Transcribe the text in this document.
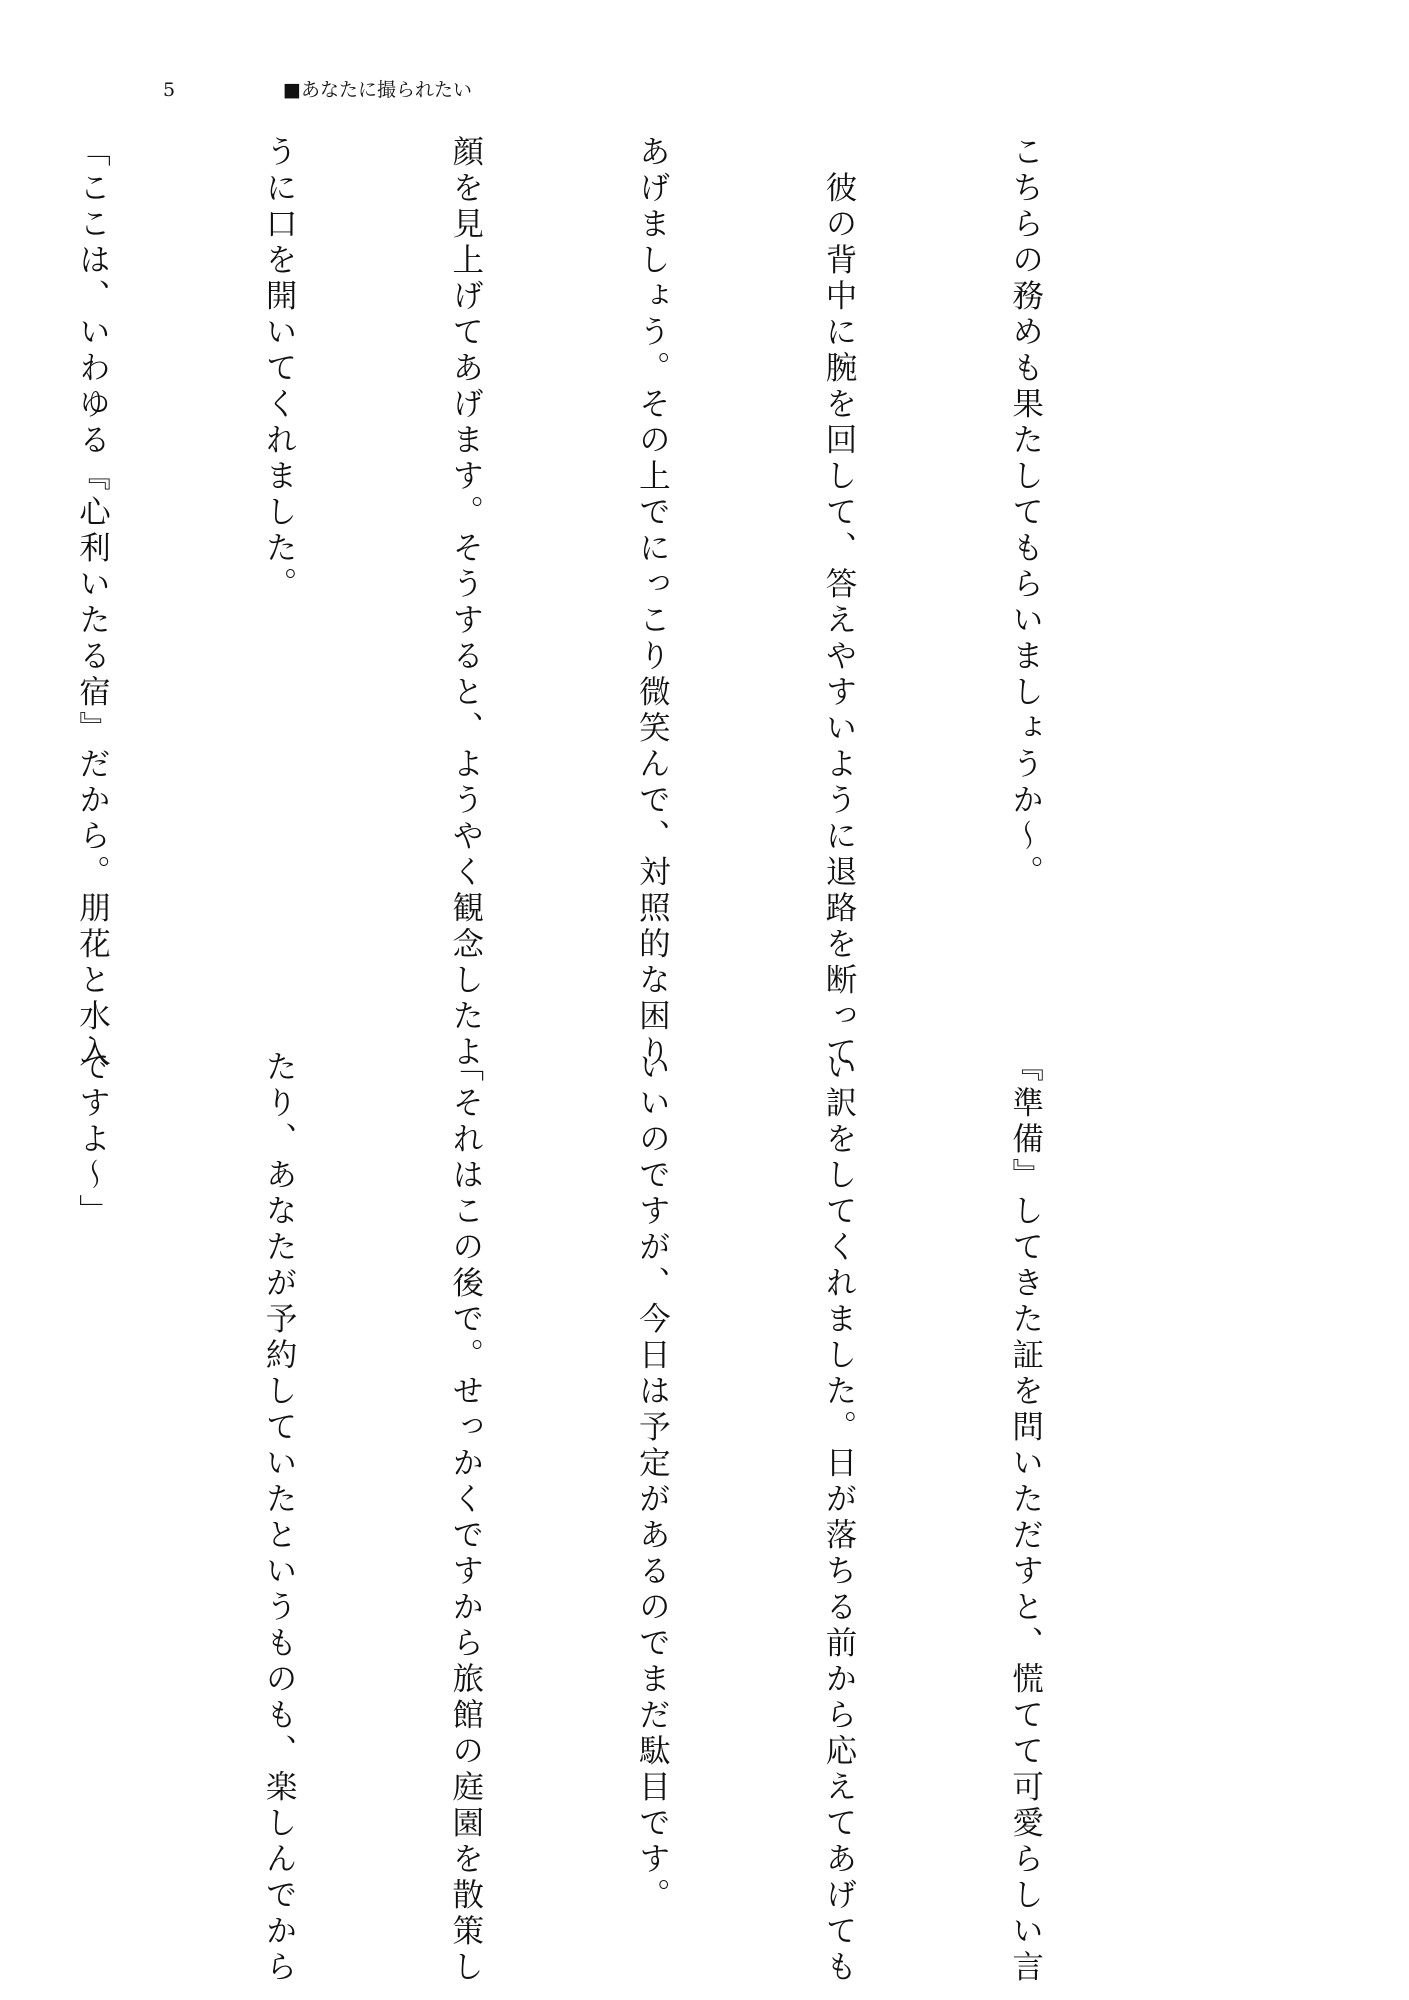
5	■あなたに撮られたい

こちらの務めも果たしてもらいましょうか〜。

　彼の背中に腕を回して、答えやすいように退路を断って

あげましょう。その上でにっこり微笑んで、対照的な困り

顔を見上げてあげます。そうすると、ようやく観念したよ

うに口を開いてくれました。

「ここは、いわゆる『心利いたる宿』だから。朋花と水入

『準備』してきた証を問いただすと、慌てて可愛らしい言

い訳をしてくれました。日が落ちる前から応えてあげても

いいのですが、今日は予定があるのでまだ駄目です。

「それはこの後で。せっかくですから旅館の庭園を散策し

たり、あなたが予約していたというものも、楽しんでから

ですよ〜」
